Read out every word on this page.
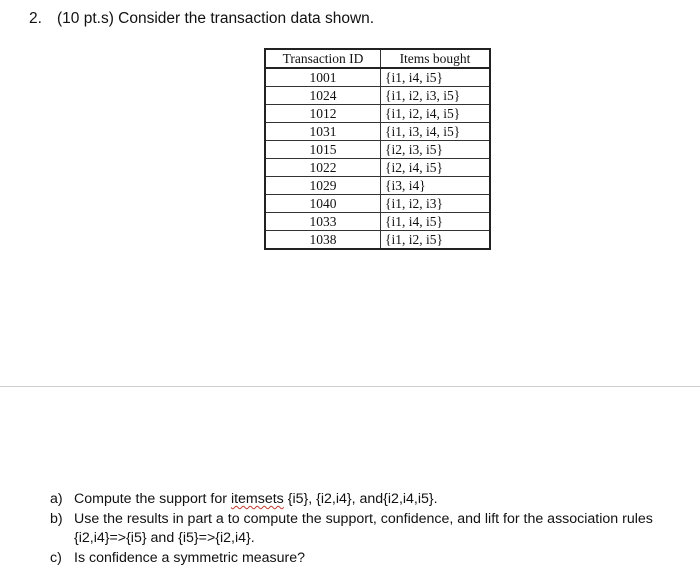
2. (10 pt.s) Consider the transaction data shown.
Transaction ID	Items bought
1001	{i1, i4, i5}
1024	{i1, i2, i3, i5}
1012	{i1, i2, i4, i5}
1031	{i1, i3, i4, i5}
1015	{i2, i3, i5}
1022	{i2, i4, i5}
1029	{i3, i4}
1040	{i1, i2, i3}
1033	{i1, i4, i5}
1038	{i1, i2, i5}
a) Compute the support for itemsets {i5}, {i2,i4}, and{i2,i4,i5}.
b) Use the results in part a to compute the support, confidence, and lift for the association rules {i2,i4}=>{i5} and {i5}=>{i2,i4}.
c) Is confidence a symmetric measure?
